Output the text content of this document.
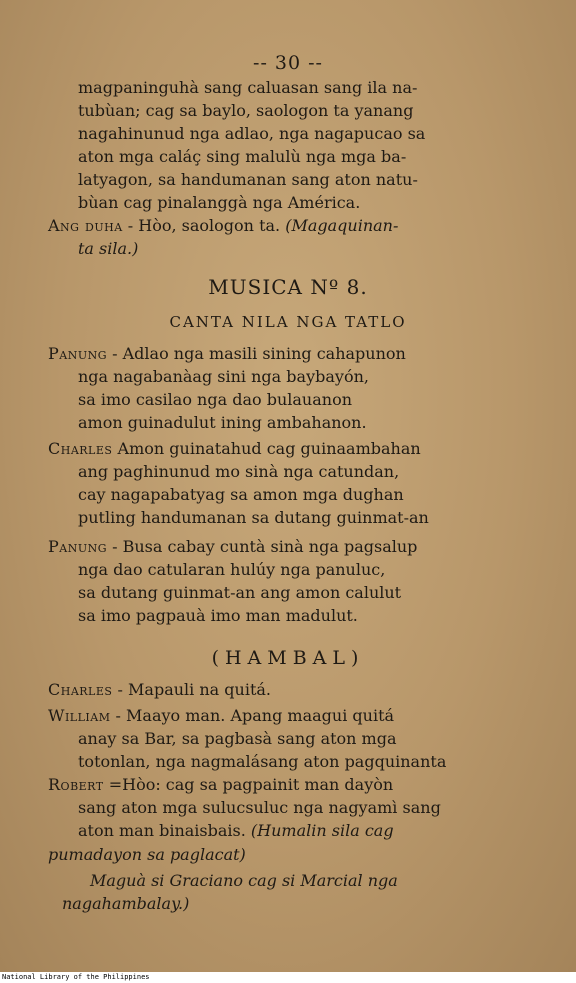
-- 30 --
magpaninguhà sang caluasan sang ila na-
tubùan; cag sa baylo, saologon ta yanang
nagahinunud nga adlao, nga nagapucao sa
aton mga caláç sing malulù nga mga ba-
latyagon, sa handumanan sang aton natu-
bùan cag pinalanggà nga América.
Ang duha - Hòo, saologon ta. (Magaquinan-
ta sila.)
MUSICA Nº 8.
CANTA NILA NGA TATLO
Panung - Adlao nga masili sining cahapunon
nga nagabanàag sini nga baybayón,
sa imo casilao nga dao bulauanon
amon guinadulut ining ambahanon.
Charles Amon guinatahud cag guinaambahan
ang paghinunud mo sinà nga catundan,
cay nagapabatyag sa amon mga dughan
putling handumanan sa dutang guinmat-an
Panung - Busa cabay cuntà sinà nga pagsalup
nga dao catularan hulúy nga panuluc,
sa dutang guinmat-an ang amon calulut
sa imo pagpauà imo man madulut.
(HAMBAL)
Charles - Mapauli na quitá.
William - Maayo man. Apang maagui quitá
anay sa Bar, sa pagbasà sang aton mga
totonlan, nga nagmalásang aton pagquinanta
Robert =Hòo: cag sa pagpainit man dayòn
sang aton mga sulucsuluc nga nagyamì sang
aton man binaisbais. (Humalin sila cag
pumadayon sa paglacat)
Maguà si Graciano cag si Marcial nga
nagahambalay.)
National Library of the Philippines
